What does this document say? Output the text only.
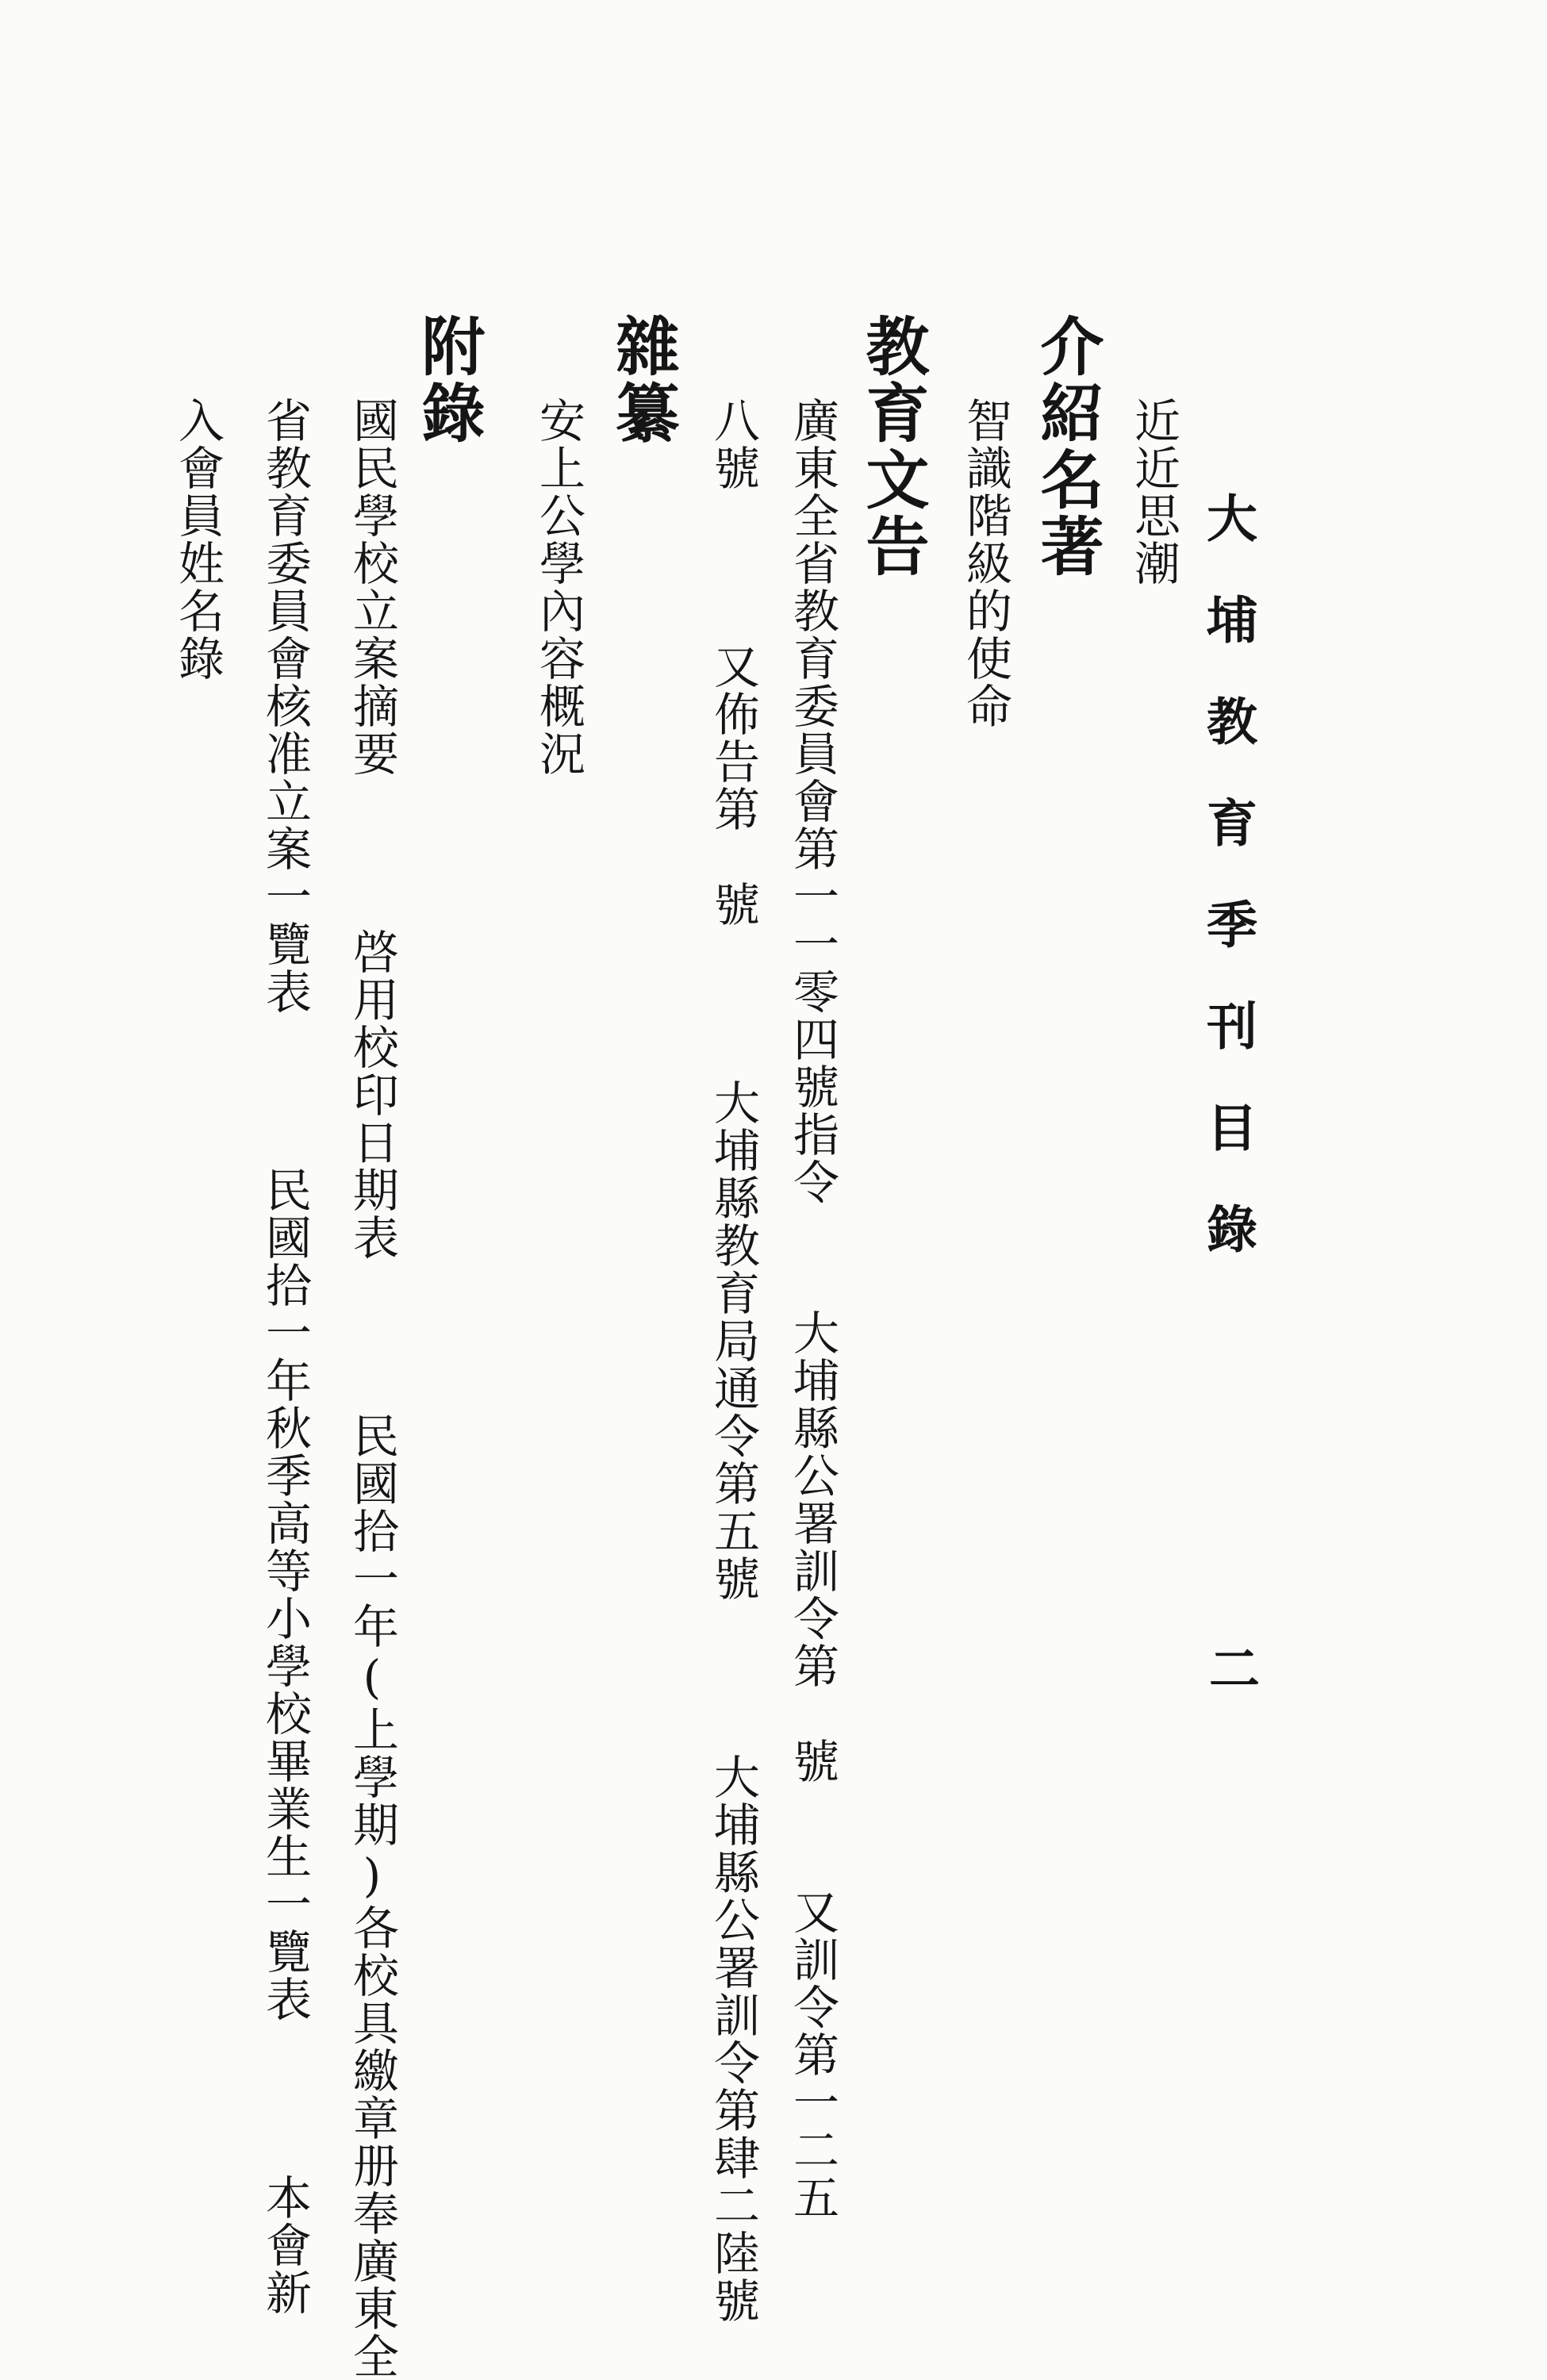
大埔教育季刊目錄
二
近近思潮
介紹名著
智識階級的使命
教育文告
廣東全省教育委員會第一一零四號指令 大埔縣公署訓令第　號 又訓令第一二五
八號 又佈告第　號 大埔縣教育局通令第五號 大埔縣公署訓令第肆二陸號
雜纂
安上公學內容概況
附錄
國民學校立案摘要 啓用校印日期表 民國拾一年(上學期)各校具繳章册奉廣東全
省教育委員會核准立案一覽表 民國拾一年秋季高等小學校畢業生一覽表 本會新
入會員姓名錄
